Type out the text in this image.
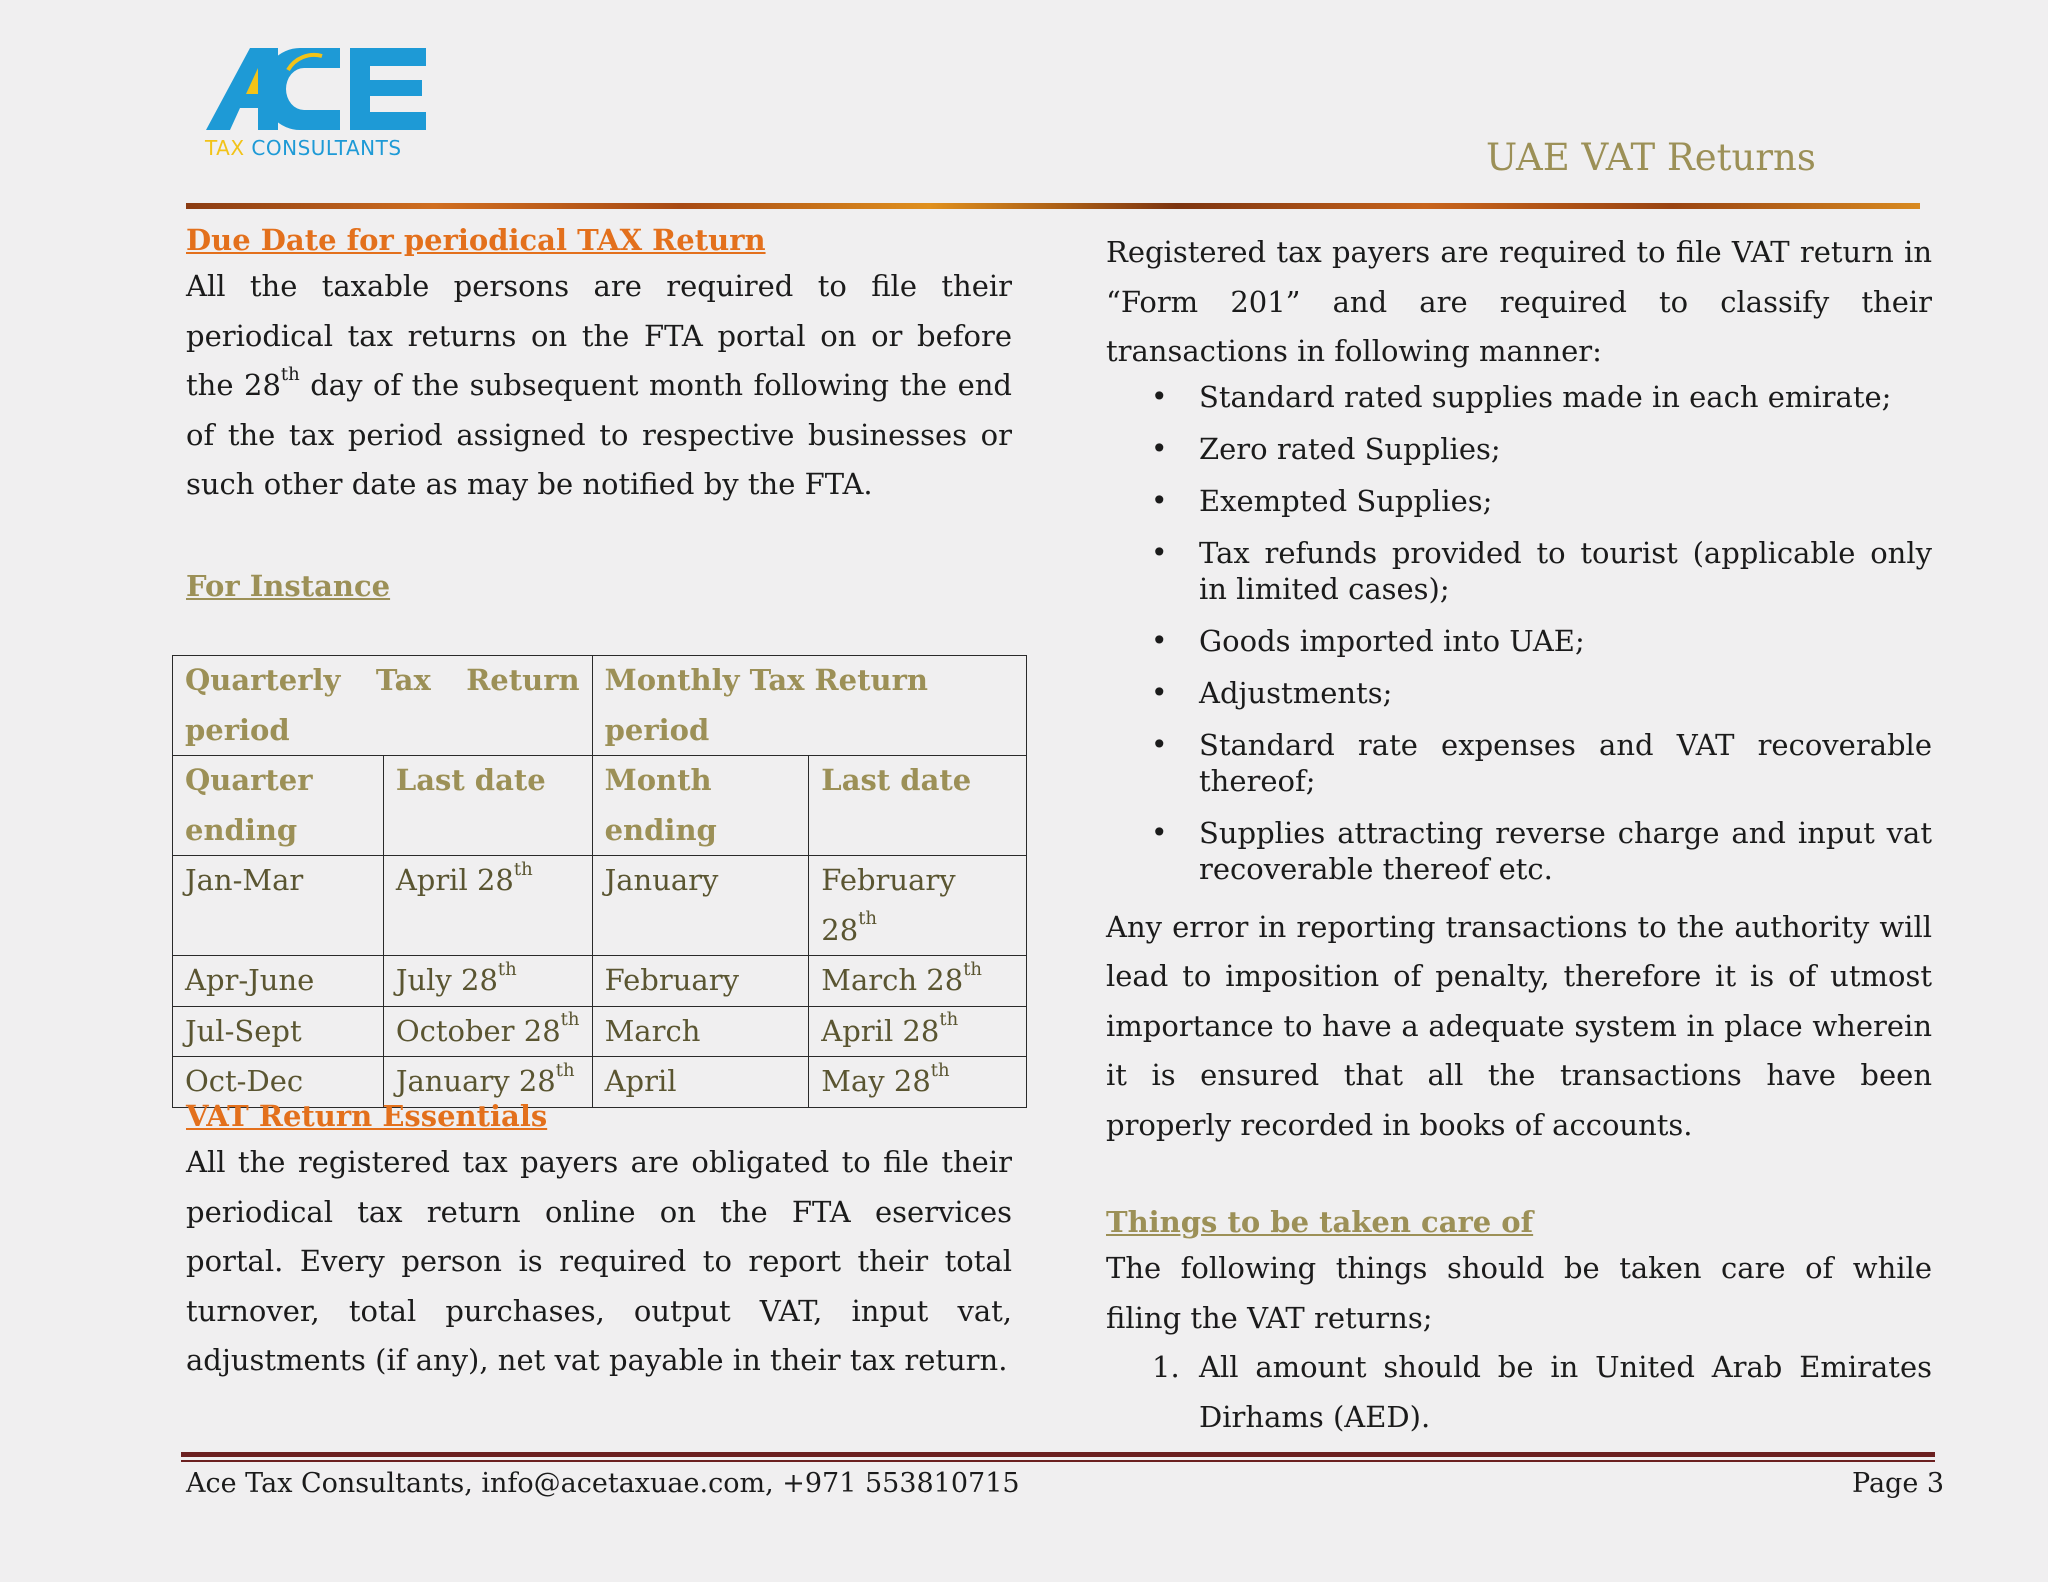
TAX CONSULTANTS	UAE VAT Returns
Due Date for periodical TAX Return

All the taxable persons are required to file their periodical tax returns on the FTA portal on or before the 28th day of the subsequent month following the end of the tax period assigned to respective businesses or such other date as may be notified by the FTA.

For Instance
Quarterly Tax Return
period		Monthly Tax Return period	
Quarter ending	Last date	Month ending	Last date
Jan-Mar	April 28th	January	February 28th
Apr-June	July 28th	February	March 28th
Jul-Sept	October 28th	March	April 28th
Oct-Dec	January 28th	April	May 28th
VAT Return Essentials

All the registered tax payers are obligated to file their periodical tax return online on the FTA eservices portal. Every person is required to report their total turnover, total purchases, output VAT, input vat, adjustments (if any), net vat payable in their tax return.

Registered tax payers are required to file VAT return in “Form 201” and are required to classify their transactions in following manner:

• Standard rated supplies made in each emirate;
• Zero rated Supplies;
• Exempted Supplies;
• Tax refunds provided to tourist (applicable only in limited cases);
• Goods imported into UAE;
• Adjustments;
• Standard rate expenses and VAT recoverable thereof;
• Supplies attracting reverse charge and input vat recoverable thereof etc.

Any error in reporting transactions to the authority will lead to imposition of penalty, therefore it is of utmost importance to have a adequate system in place wherein it is ensured that all the transactions have been properly recorded in books of accounts.

Things to be taken care of

The following things should be taken care of while filing the VAT returns;

1. All amount should be in United Arab Emirates Dirhams (AED).
Ace Tax Consultants, info@acetaxuae.com, +971 553810715	Page 3
